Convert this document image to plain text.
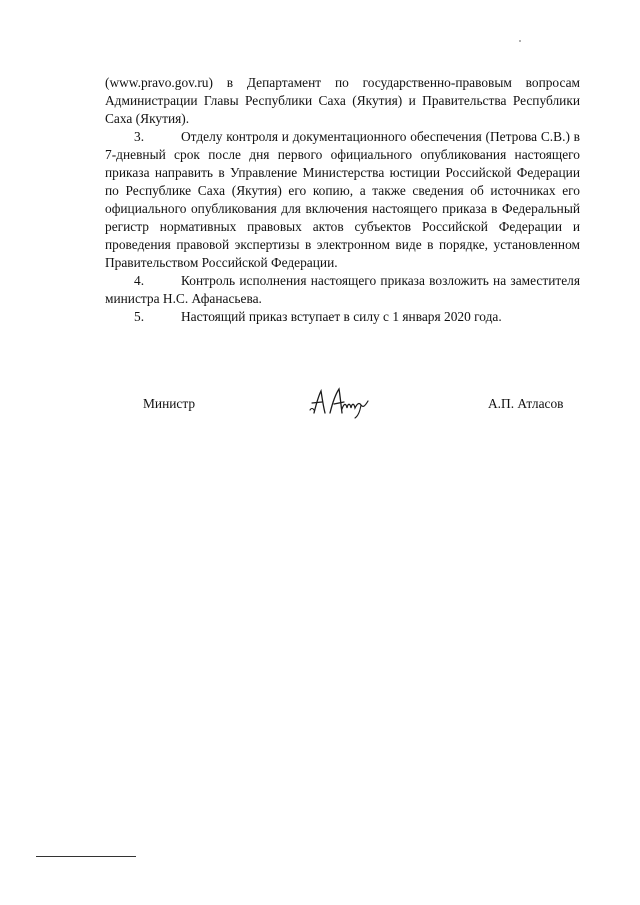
(www.pravo.gov.ru) в Департамент по государственно-правовым вопросам Администрации Главы Республики Саха (Якутия) и Правительства Республики Саха (Якутия).

3.	Отделу контроля и документационного обеспечения (Петрова С.В.) в 7-дневный срок после дня первого официального опубликования настоящего приказа направить в Управление Министерства юстиции Российской Федерации по Республике Саха (Якутия) его копию, а также сведения об источниках его официального опубликования для включения настоящего приказа в Федеральный регистр нормативных правовых актов субъектов Российской Федерации и проведения правовой экспертизы в электронном виде в порядке, установленном Правительством Российской Федерации.

4.	Контроль исполнения настоящего приказа возложить на заместителя министра Н.С. Афанасьева.

5.	Настоящий приказ вступает в силу с 1 января 2020 года.

Министр	А.П. Атласов
